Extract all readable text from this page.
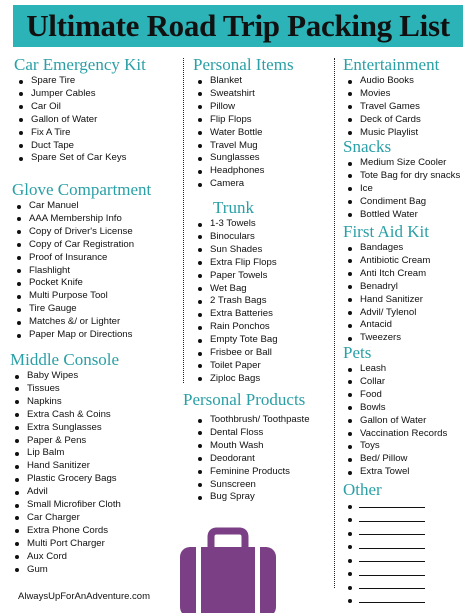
Ultimate Road Trip Packing List
Car Emergency Kit
Spare Tire
Jumper Cables
Car Oil
Gallon of Water
Fix A Tire
Duct Tape
Spare Set of Car Keys
Glove Compartment
Car Manuel
AAA Membership Info
Copy of Driver's License
Copy of Car Registration
Proof of Insurance
Flashlight
Pocket Knife
Multi Purpose Tool
Tire Gauge
Matches &/ or Lighter
Paper Map or Directions
Middle Console
Baby Wipes
Tissues
Napkins
Extra Cash & Coins
Extra Sunglasses
Paper & Pens
Lip Balm
Hand Sanitizer
Plastic Grocery Bags
Advil
Small Microfiber Cloth
Car Charger
Extra Phone Cords
Multi Port Charger
Aux Cord
Gum
Personal Items
Blanket
Sweatshirt
Pillow
Flip Flops
Water Bottle
Travel Mug
Sunglasses
Headphones
Camera
Trunk
1-3 Towels
Binoculars
Sun Shades
Extra Flip Flops
Paper Towels
Wet Bag
2 Trash Bags
Extra Batteries
Rain Ponchos
Empty Tote Bag
Frisbee or Ball
Toilet Paper
Ziploc Bags
Personal Products
Toothbrush/ Toothpaste
Dental Floss
Mouth Wash
Deodorant
Feminine Products
Sunscreen
Bug Spray
Entertainment
Audio Books
Movies
Travel Games
Deck of Cards
Music Playlist
Snacks
Medium Size Cooler
Tote Bag for dry snacks
Ice
Condiment Bag
Bottled Water
First Aid Kit
Bandages
Antibiotic Cream
Anti Itch Cream
Benadryl
Hand Sanitizer
Advil/ Tylenol
Antacid
Tweezers
Pets
Leash
Collar
Food
Bowls
Gallon of Water
Vaccination Records
Toys
Bed/ Pillow
Extra Towel
Other
AlwaysUpForAnAdventure.com
